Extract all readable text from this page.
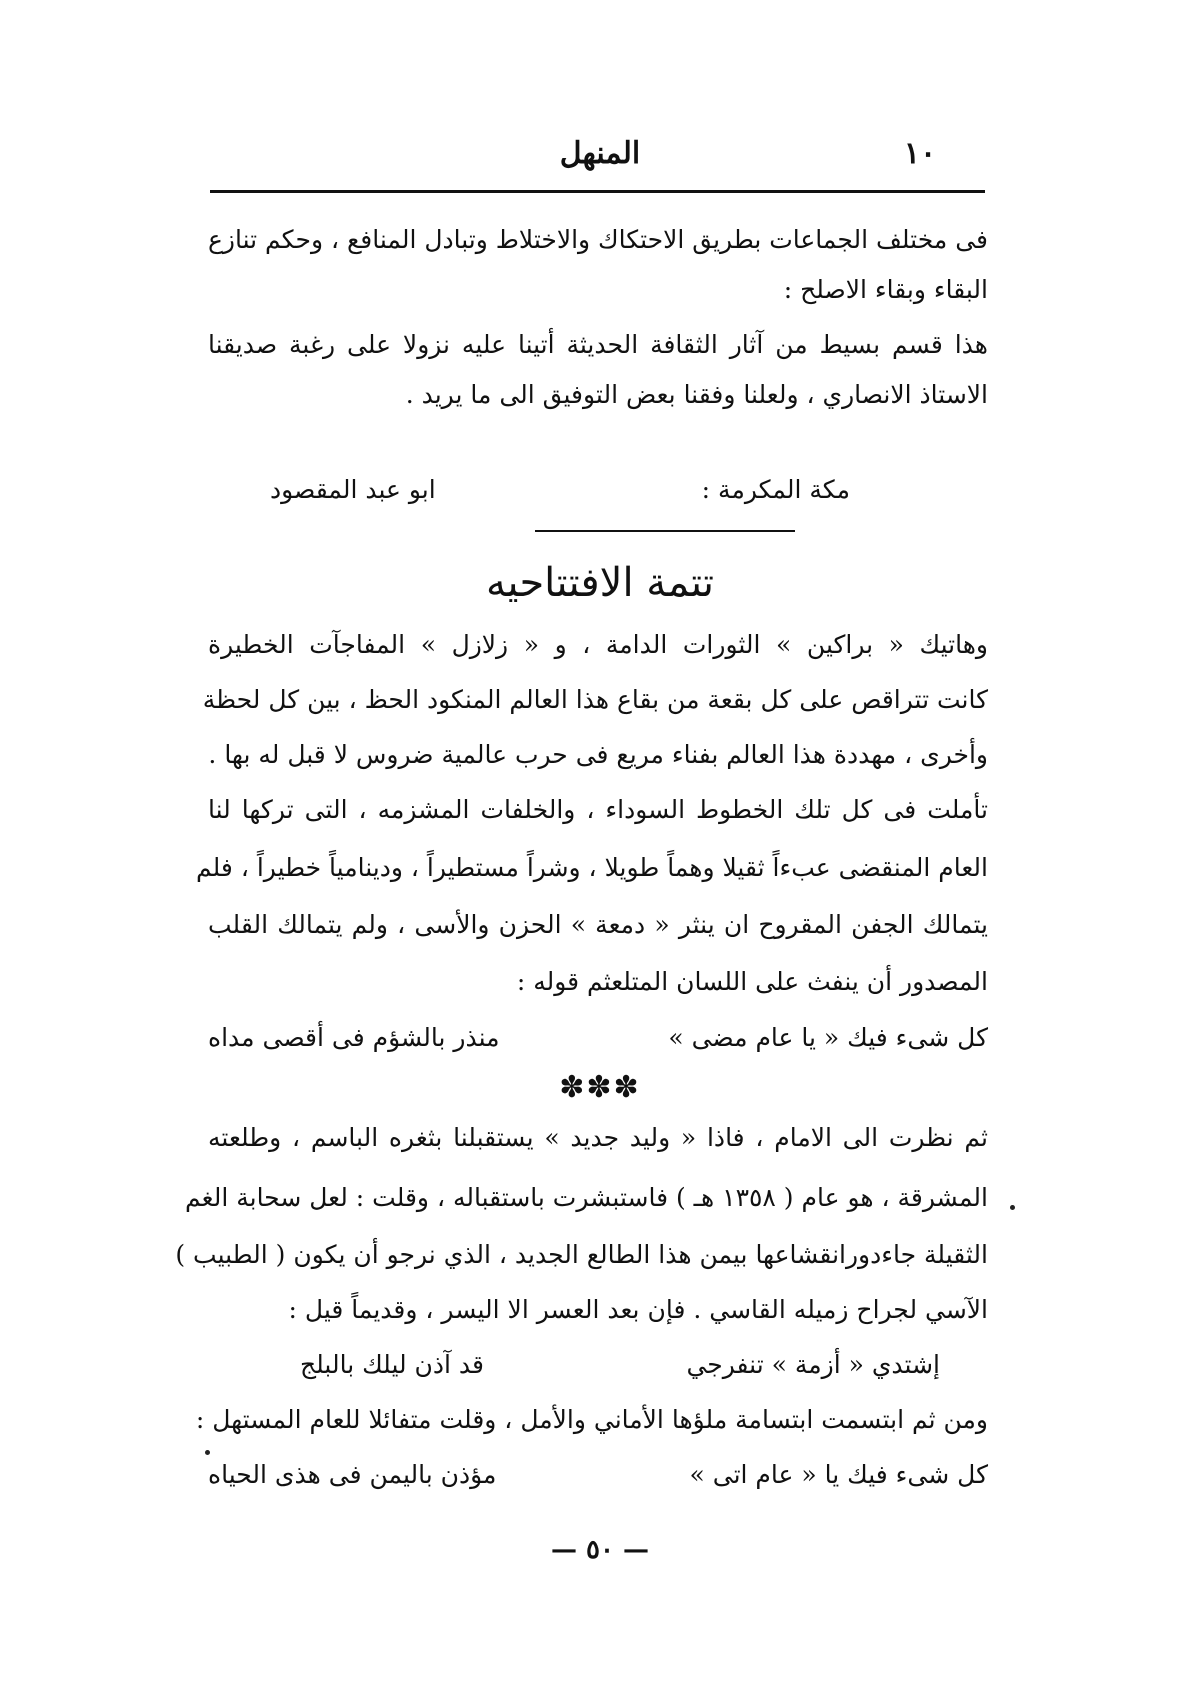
١٠
المنهل
فى مختلف الجماعات بطريق الاحتكاك والاختلاط وتبادل المنافع ، وحكم تنازع
البقاء وبقاء الاصلح :
هذا قسم بسيط من آثار الثقافة الحديثة أتينا عليه نزولا على رغبة صديقنا
الاستاذ الانصاري ، ولعلنا وفقنا بعض التوفيق الى ما يريد .
مكة المكرمة :
ابو عبد المقصود
تتمة الافتتاحيه
وهاتيك « براكين » الثورات الدامة ، و « زلازل » المفاجآت الخطيرة
كانت تتراقص على كل بقعة من بقاع هذا العالم المنكود الحظ ، بين كل لحظة
وأخرى ، مهددة هذا العالم بفناء مريع فى حرب عالمية ضروس لا قبل له بها .
تأملت فى كل تلك الخطوط السوداء ، والخلفات المشزمه ، التى تركها لنا
العام المنقضى عبءاً ثقيلا وهماً طويلا ، وشراً مستطيراً ، ودينامياً خطيراً ، فلم
يتمالك الجفن المقروح ان ينثر « دمعة » الحزن والأسى ، ولم يتمالك القلب
المصدور أن ينفث على اللسان المتلعثم قوله :
كل شىء فيك « يا عام مضى »
منذر بالشؤم فى أقصى مداه
✽✽✽
ثم نظرت الى الامام ، فاذا « وليد جديد » يستقبلنا بثغره الباسم ، وطلعته
المشرقة ، هو عام ( ١٣٥٨ هـ ) فاستبشرت باستقباله ، وقلت : لعل سحابة الغم
الثقيلة جاءدورانقشاعها بيمن هذا الطالع الجديد ، الذي نرجو أن يكون ( الطبيب )
الآسي لجراح زميله القاسي . فإن بعد العسر الا اليسر ، وقديماً قيل :
إشتدي « أزمة » تنفرجي
قد آذن ليلك بالبلج
ومن ثم ابتسمت ابتسامة ملؤها الأماني والأمل ، وقلت متفائلا للعام المستهل :
كل شىء فيك يا « عام اتى »
مؤذن باليمن فى هذى الحياه
— ٥٠ —
